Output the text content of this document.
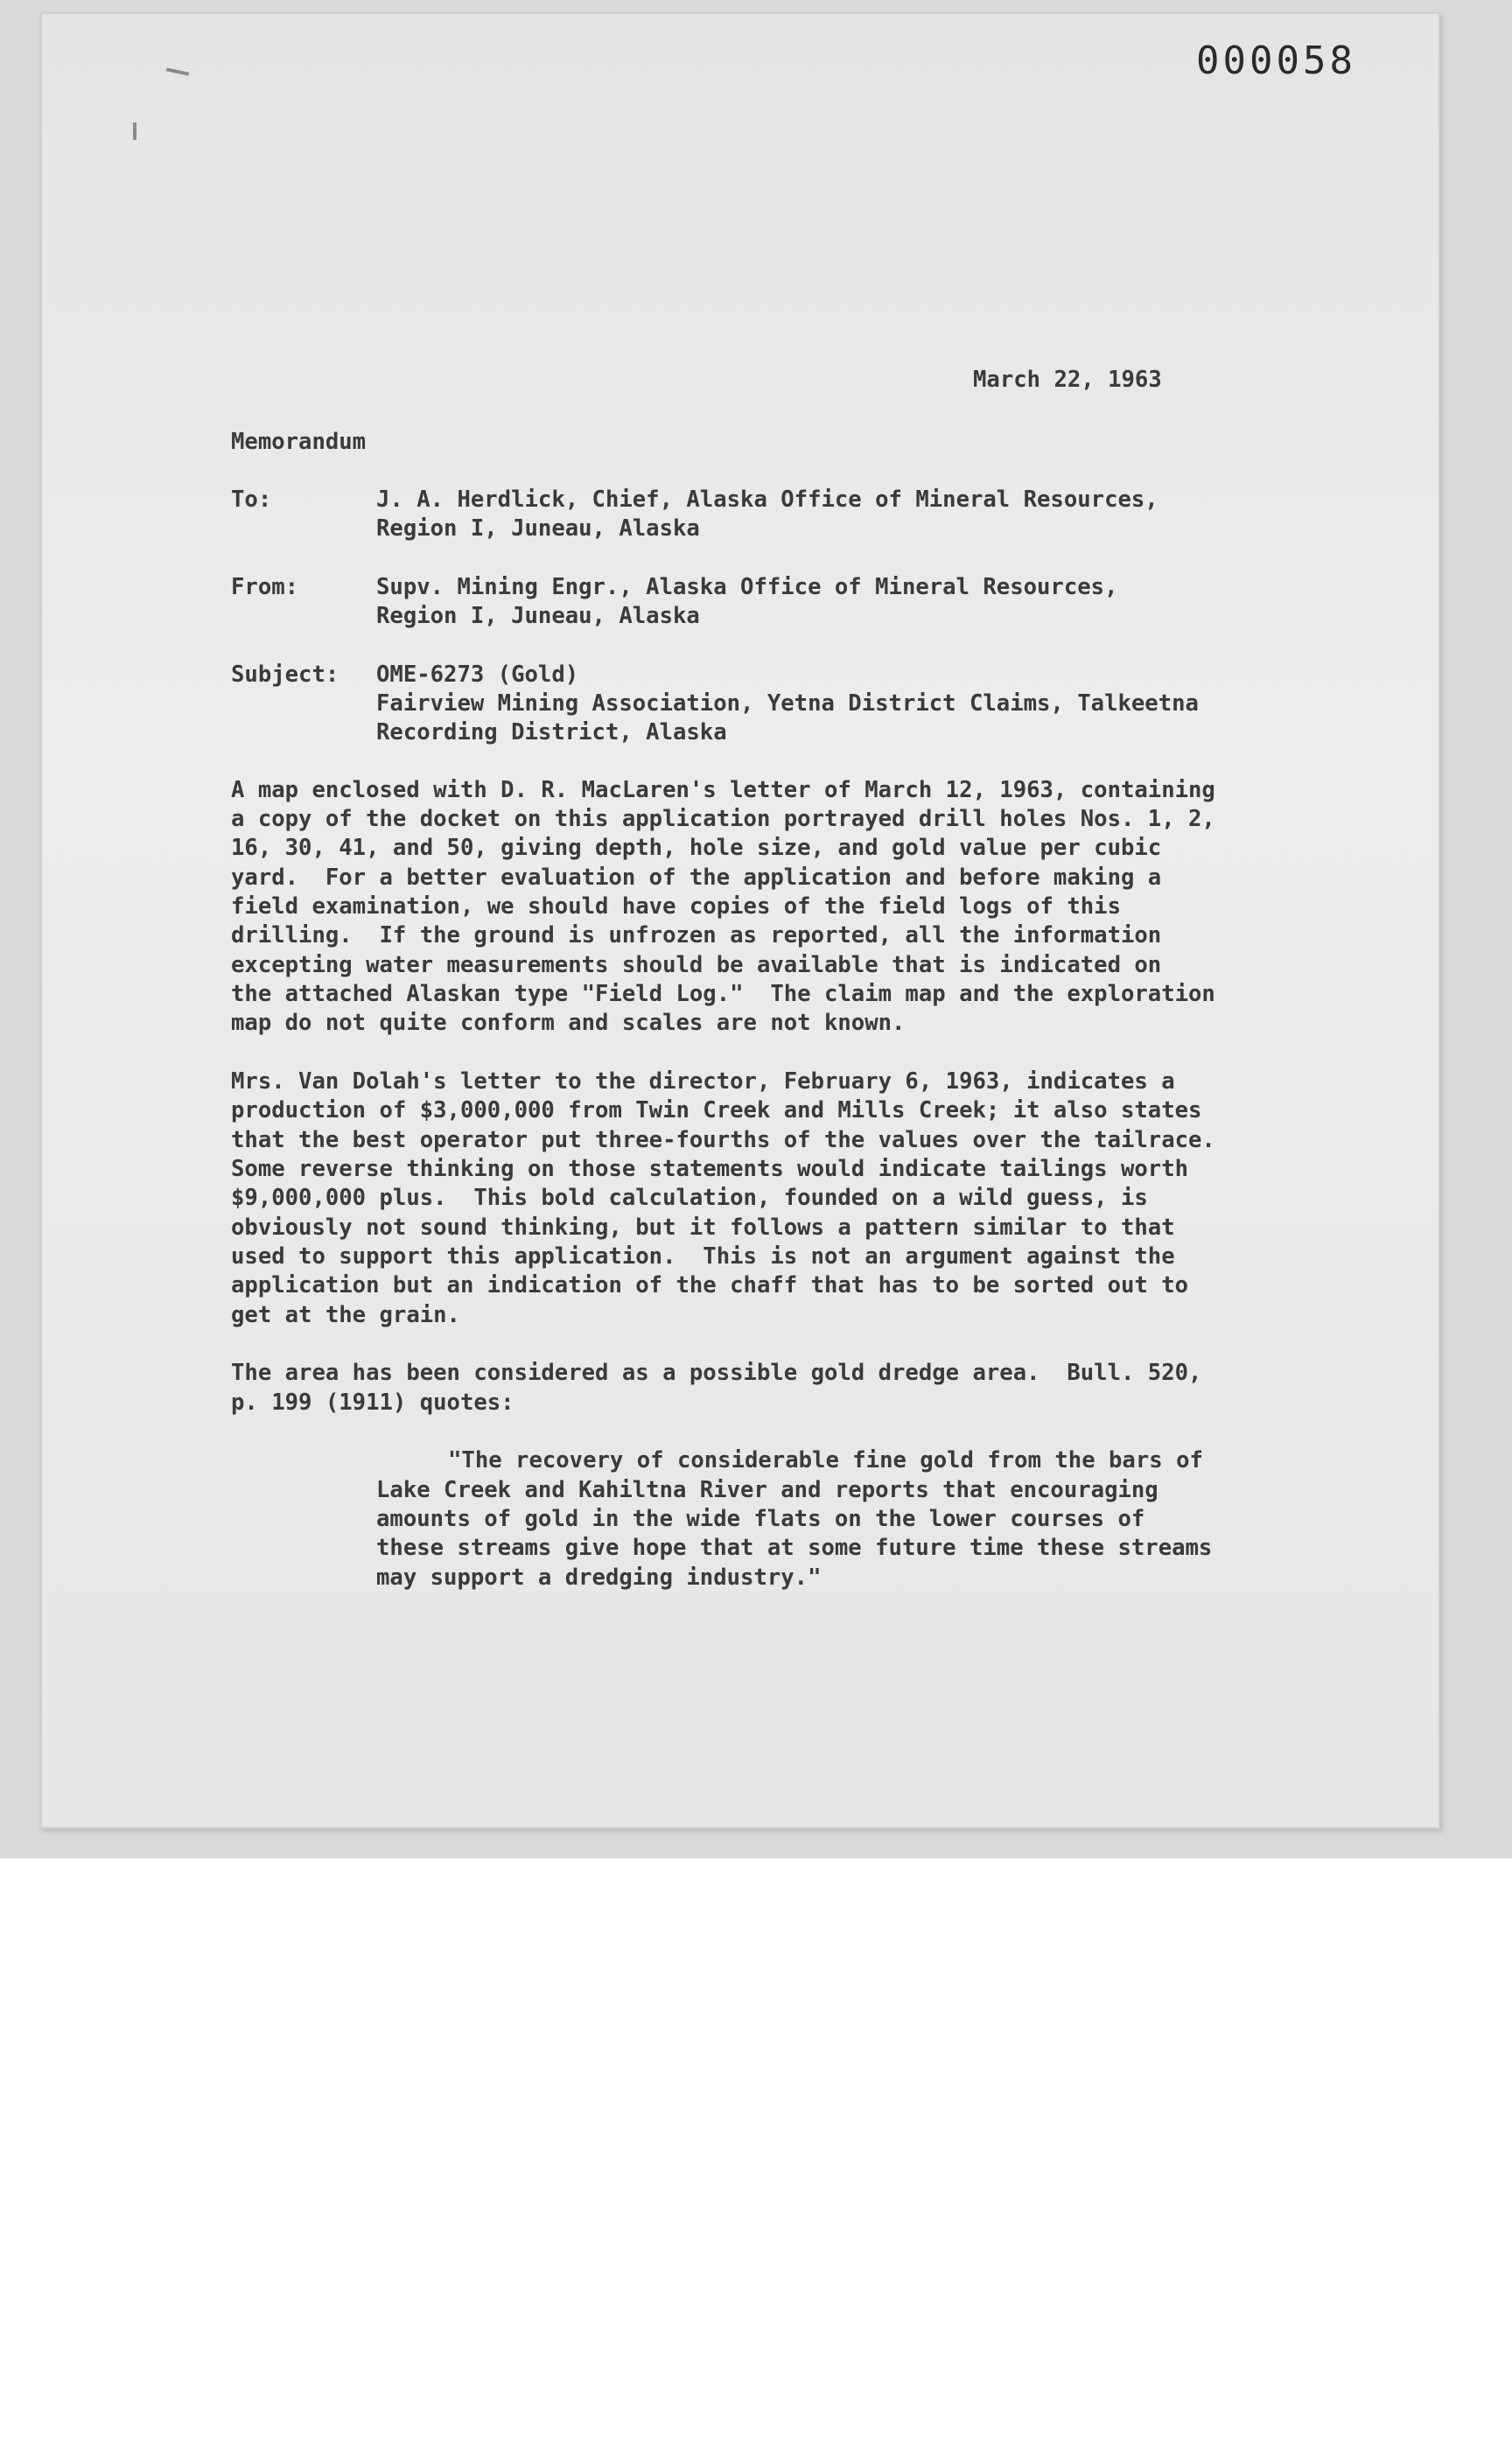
000058
March 22, 1963
Memorandum
To:	J. A. Herdlick, Chief, Alaska Office of Mineral Resources,
Region I, Juneau, Alaska
From:	Supv. Mining Engr., Alaska Office of Mineral Resources,
Region I, Juneau, Alaska
Subject: OME-6273 (Gold)
Fairview Mining Association, Yetna District Claims, Talkeetna
Recording District, Alaska
A map enclosed with D. R. MacLaren's letter of March 12, 1963, containing
a copy of the docket on this application portrayed drill holes Nos. 1, 2,
16, 30, 41, and 50, giving depth, hole size, and gold value per cubic
yard.  For a better evaluation of the application and before making a
field examination, we should have copies of the field logs of this
drilling.  If the ground is unfrozen as reported, all the information
excepting water measurements should be available that is indicated on
the attached Alaskan type "Field Log."  The claim map and the exploration
map do not quite conform and scales are not known.
Mrs. Van Dolah's letter to the director, February 6, 1963, indicates a
production of $3,000,000 from Twin Creek and Mills Creek; it also states
that the best operator put three-fourths of the values over the tailrace.
Some reverse thinking on those statements would indicate tailings worth
$9,000,000 plus.  This bold calculation, founded on a wild guess, is
obviously not sound thinking, but it follows a pattern similar to that
used to support this application.  This is not an argument against the
application but an indication of the chaff that has to be sorted out to
get at the grain.
The area has been considered as a possible gold dredge area.  Bull. 520,
p. 199 (1911) quotes:
"The recovery of considerable fine gold from the bars of
Lake Creek and Kahiltna River and reports that encouraging
amounts of gold in the wide flats on the lower courses of
these streams give hope that at some future time these streams
may support a dredging industry."
